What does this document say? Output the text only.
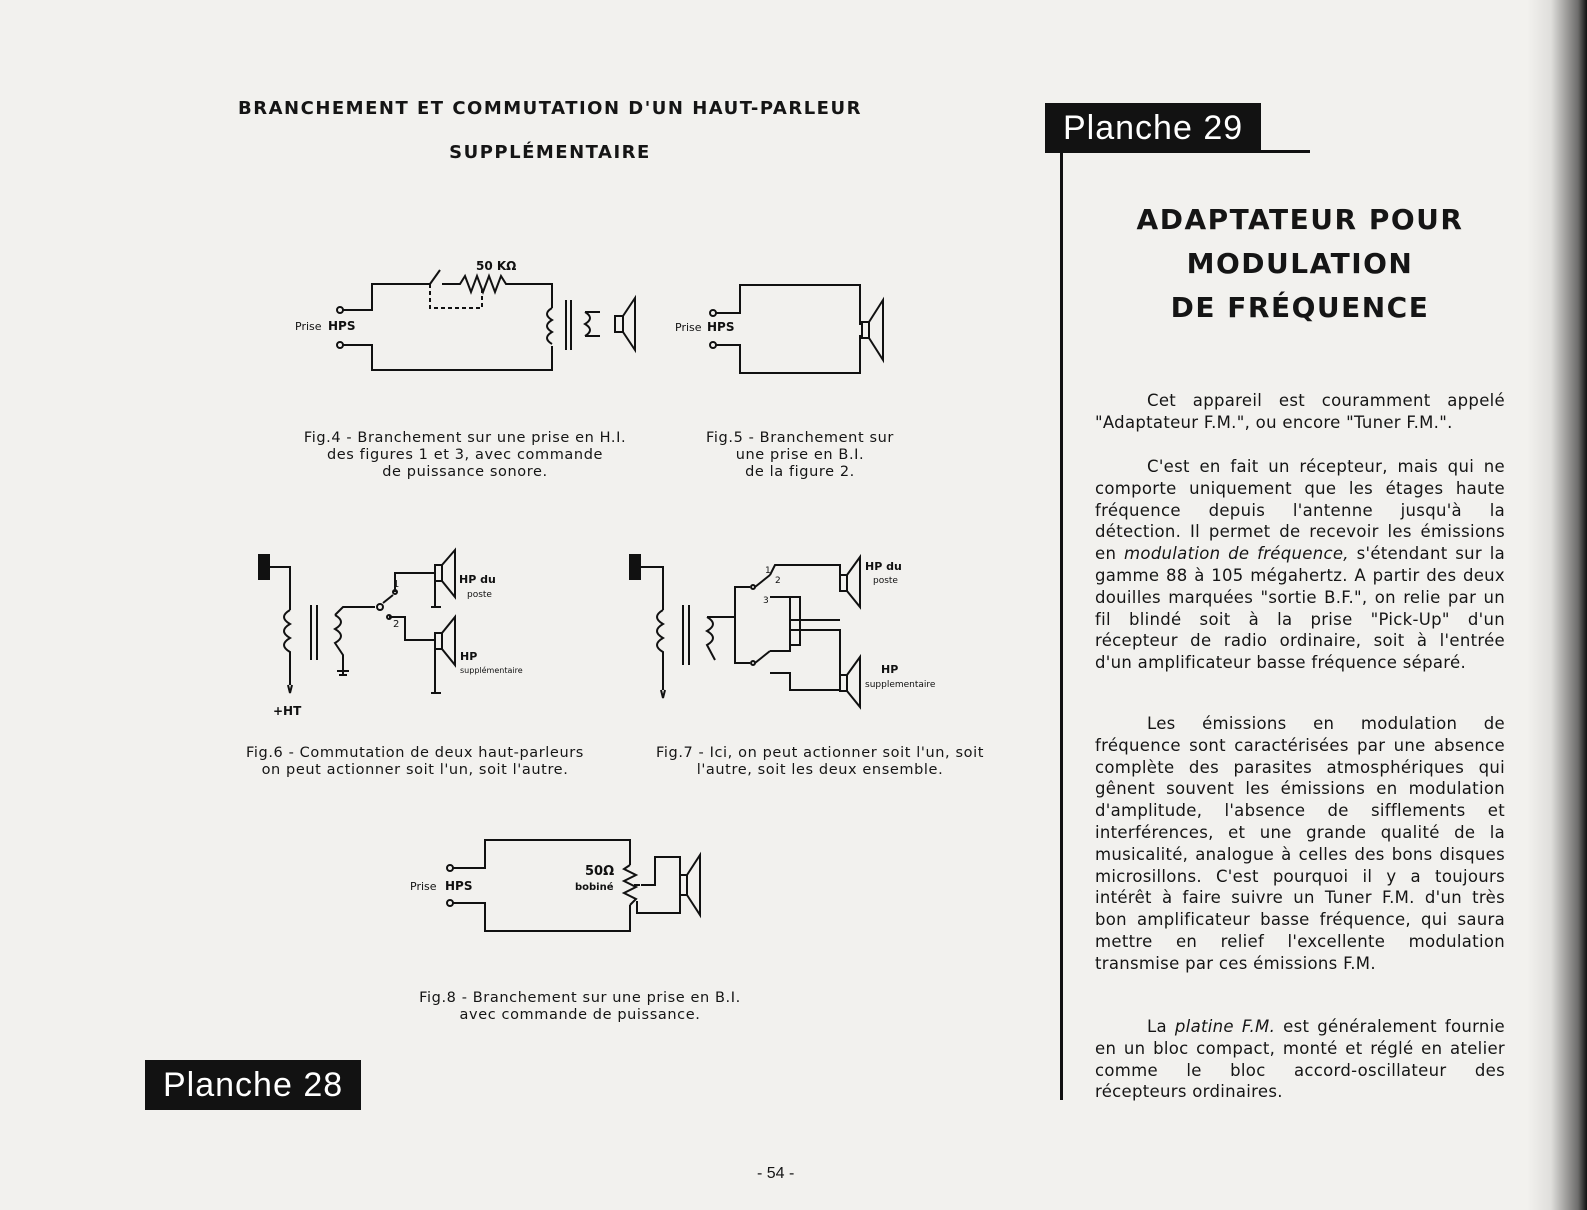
BRANCHEMENT ET COMMUTATION D'UN HAUT-PARLEUR
SUPPLÉMENTAIRE
50 KΩ
Prise HPS
Fig.4 - Branchement sur une prise en H.I.
des figures 1 et 3, avec commande
de puissance sonore.
Prise HPS
Fig.5 - Branchement sur
une prise en B.I.
de la figure 2.
+HT
1
2
HP du
poste
HP
supplémentaire
Fig.6 - Commutation de deux haut-parleurs
on peut actionner soit l'un, soit l'autre.
1
2
3
HP du
poste
HP
supplementaire
Fig.7 - Ici, on peut actionner soit l'un, soit
l'autre, soit les deux ensemble.
Prise HPS
50Ω
bobiné
Fig.8 - Branchement sur une prise en B.I.
avec commande de puissance.
Planche 28
- 54 -
Planche 29
ADAPTATEUR POUR
MODULATION
DE FRÉQUENCE

Cet appareil est couramment appelé "Adaptateur F.M.", ou encore "Tuner F.M.".

C'est en fait un récepteur, mais qui ne comporte uniquement que les étages haute fréquence depuis l'antenne jusqu'à la détection. Il permet de recevoir les émissions en modulation de fréquence, s'étendant sur la gamme 88 à 105 mégahertz. A partir des deux douilles marquées "sortie B.F.", on relie par un fil blindé soit à la prise "Pick-Up" d'un récepteur de radio ordinaire, soit à l'entrée d'un amplificateur basse fréquence séparé.

Les émissions en modulation de fréquence sont caractérisées par une absence complète des parasites atmosphériques qui gênent souvent les émissions en modulation d'amplitude, l'absence de sifflements et interférences, et une grande qualité de la musicalité, analogue à celles des bons disques microsillons. C'est pourquoi il y a toujours intérêt à faire suivre un Tuner F.M. d'un très bon amplificateur basse fréquence, qui saura mettre en relief l'excellente modulation transmise par ces émissions F.M.

La platine F.M. est généralement fournie en un bloc compact, monté et réglé en atelier comme le bloc accord-oscillateur des récepteurs ordinaires.
